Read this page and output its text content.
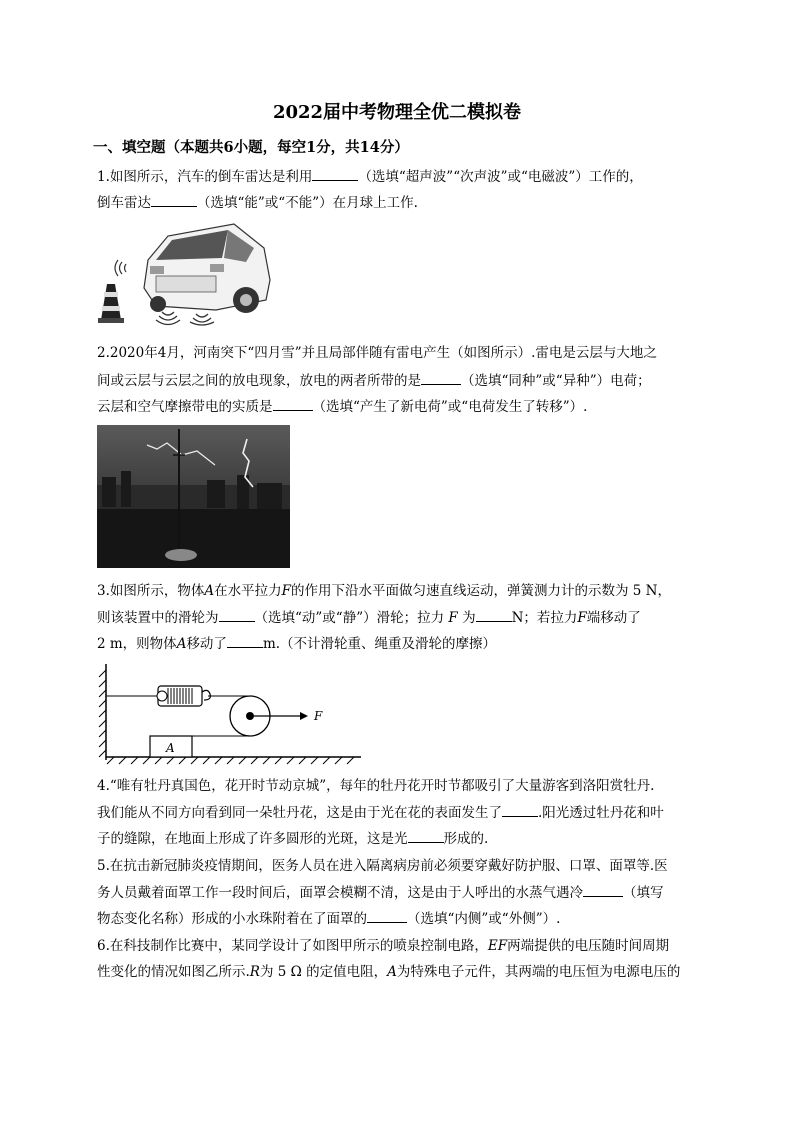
2022届中考物理全优二模拟卷
一、填空题（本题共6小题，每空1分，共14分）
1.如图所示，汽车的倒车雷达是利用	（选填“超声波”“次声波”或“电磁波”）工作的，
倒车雷达	（选填“能”或“不能”）在月球上工作.
2.2020年4月，河南突下“四月雪”并且局部伴随有雷电产生（如图所示）.雷电是云层与大地之
间或云层与云层之间的放电现象，放电的两者所带的是	（选填“同种”或“异种”）电荷；
云层和空气摩擦带电的实质是	（选填“产生了新电荷”或“电荷发生了转移”）.
3.如图所示，物体A在水平拉力F的作用下沿水平面做匀速直线运动，弹簧测力计的示数为 5 N，
则该装置中的滑轮为	（选填“动”或“静”）滑轮；拉力 F 为	N；若拉力F端移动了
2 m，则物体A移动了	m.（不计滑轮重、绳重及滑轮的摩擦）
F
A
4.“唯有牡丹真国色，花开时节动京城”，每年的牡丹花开时节都吸引了大量游客到洛阳赏牡丹.
我们能从不同方向看到同一朵牡丹花，这是由于光在花的表面发生了	.阳光透过牡丹花和叶
子的缝隙，在地面上形成了许多圆形的光斑，这是光	形成的.
5.在抗击新冠肺炎疫情期间，医务人员在进入隔离病房前必须要穿戴好防护服、口罩、面罩等.医
务人员戴着面罩工作一段时间后，面罩会模糊不清，这是由于人呼出的水蒸气遇冷	（填写
物态变化名称）形成的小水珠附着在了面罩的	（选填“内侧”或“外侧”）.
6.在科技制作比赛中，某同学设计了如图甲所示的喷泉控制电路，EF两端提供的电压随时间周期
性变化的情况如图乙所示.R为 5 Ω 的定值电阻，A为特殊电子元件，其两端的电压恒为电源电压的
